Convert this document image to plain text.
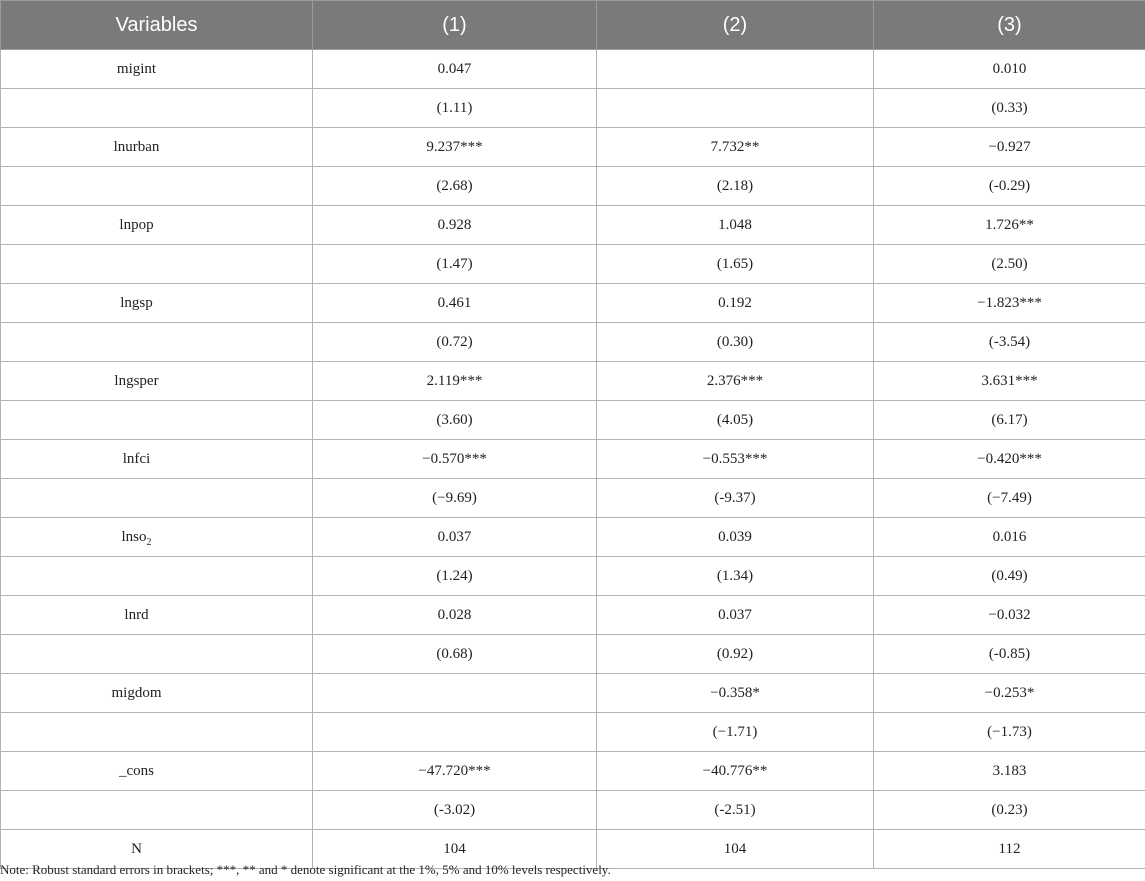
Variables	(1)	(2)	(3)
migint	0.047		0.010
	(1.11)		(0.33)
lnurban	9.237***	7.732**	−0.927
	(2.68)	(2.18)	(-0.29)
lnpop	0.928	1.048	1.726**
	(1.47)	(1.65)	(2.50)
lngsp	0.461	0.192	−1.823***
	(0.72)	(0.30)	(-3.54)
lngsper	2.119***	2.376***	3.631***
	(3.60)	(4.05)	(6.17)
lnfci	−0.570***	−0.553***	−0.420***
	(−9.69)	(-9.37)	(−7.49)
lnso$_2$	0.037	0.039	0.016
	(1.24)	(1.34)	(0.49)
lnrd	0.028	0.037	−0.032
	(0.68)	(0.92)	(-0.85)
migdom		−0.358*	−0.253*
		(−1.71)	(−1.73)
_cons	−47.720***	−40.776**	3.183
	(-3.02)	(-2.51)	(0.23)
N	104	104	112
Note: Robust standard errors in brackets; ***, ** and * denote significant at the 1%, 5% and 10% levels respectively.
